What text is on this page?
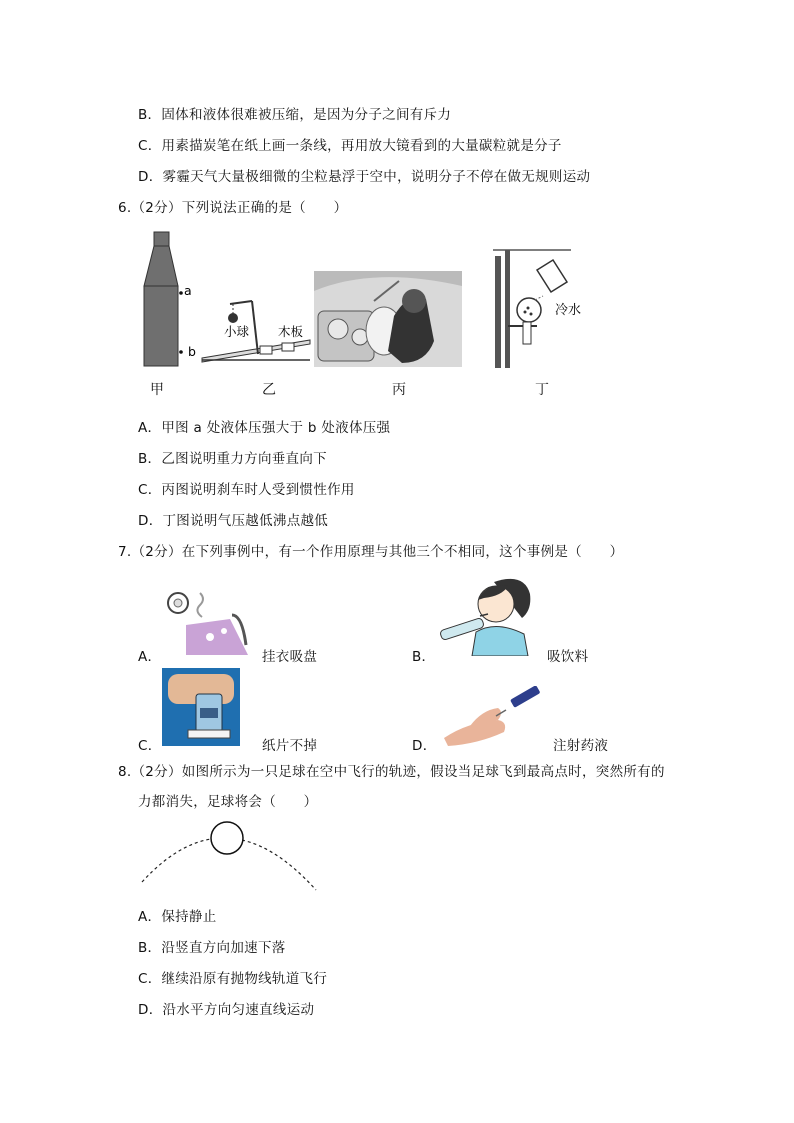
B．固体和液体很难被压缩，是因为分子之间有斥力
C．用素描炭笔在纸上画一条线，再用放大镜看到的大量碳粒就是分子
D．雾霾天气大量极细微的尘粒悬浮于空中，说明分子不停在做无规则运动
6.（2分）下列说法正确的是（　　）
a
b
甲
小球 木板
乙	丙
冷水
丁
A．甲图 a 处液体压强大于 b 处液体压强
B．乙图说明重力方向垂直向下
C．丙图说明刹车时人受到惯性作用
D．丁图说明气压越低沸点越低
7.（2分）在下列事例中，有一个作用原理与其他三个不相同，这个事例是（　　）
A．	挂衣吸盘	B．	吸饮料
C．	纸片不掉	D．	注射药液
8.（2分）如图所示为一只足球在空中飞行的轨迹，假设当足球飞到最高点时，突然所有的
力都消失，足球将会（　　）
A．保持静止
B．沿竖直方向加速下落
C．继续沿原有抛物线轨道飞行
D．沿水平方向匀速直线运动
